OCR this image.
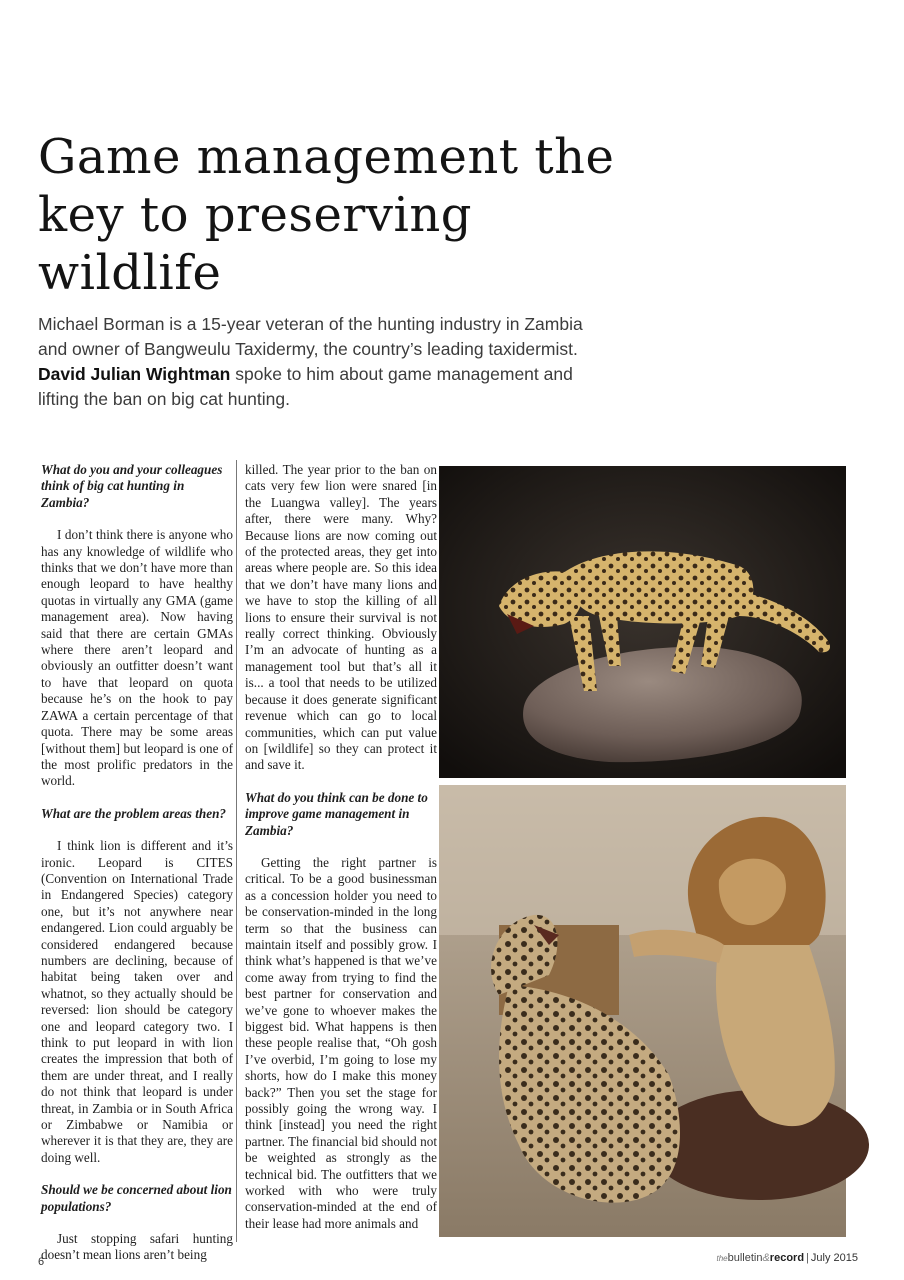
Game management the key to preserving wildlife

Michael Borman is a 15-year veteran of the hunting industry in Zambia and owner of Bangweulu Taxidermy, the country’s leading taxidermist. David Julian Wightman spoke to him about game management and lifting the ban on big cat hunting.

What do you and your colleagues think of big cat hunting in Zambia?

I don’t think there is anyone who has any knowledge of wildlife who thinks that we don’t have more than enough leopard to have healthy quotas in virtually any GMA (game management area). Now having said that there are certain GMAs where there aren’t leopard and obviously an outfitter doesn’t want to have that leopard on quota because he’s on the hook to pay ZAWA a certain percentage of that quota. There may be some areas [without them] but leopard is one of the most prolific predators in the world.

What are the problem areas then?

I think lion is different and it’s ironic. Leopard is CITES (Convention on International Trade in Endangered Species) category one, but it’s not anywhere near endangered. Lion could arguably be considered endangered because numbers are declining, because of habitat being taken over and whatnot, so they actually should be reversed: lion should be category one and leopard category two. I think to put leopard in with lion creates the impression that both of them are under threat, and I really do not think that leopard is under threat, in Zambia or in South Africa or Zimbabwe or Namibia or wherever it is that they are, they are doing well.

Should we be concerned about lion populations?

Just stopping safari hunting doesn’t mean lions aren’t being

killed. The year prior to the ban on cats very few lion were snared [in the Luangwa valley]. The years after, there were many. Why? Because lions are now coming out of the protected areas, they get into areas where people are. So this idea that we don’t have many lions and we have to stop the killing of all lions to ensure their survival is not really correct thinking. Obviously I’m an advocate of hunting as a management tool but that’s all it is... a tool that needs to be utilized because it does generate significant revenue which can go to local communities, which can put value on [wildlife] so they can protect it and save it.

What do you think can be done to improve game management in Zambia?

Getting the right partner is critical. To be a good businessman as a concession holder you need to be conservation-minded in the long term so that the business can maintain itself and possibly grow. I think what’s happened is that we’ve come away from trying to find the best partner for conservation and we’ve gone to whoever makes the biggest bid. What happens is then these people realise that, “Oh gosh I’ve overbid, I’m going to lose my shorts, how do I make this money back?” Then you set the stage for possibly going the wrong way. I think [instead] you need the right partner. The financial bid should not be weighted as strongly as the technical bid. The outfitters that we worked with who were truly conservation-minded at the end of their lease had more animals and

6	thebulletin&record | July 2015
